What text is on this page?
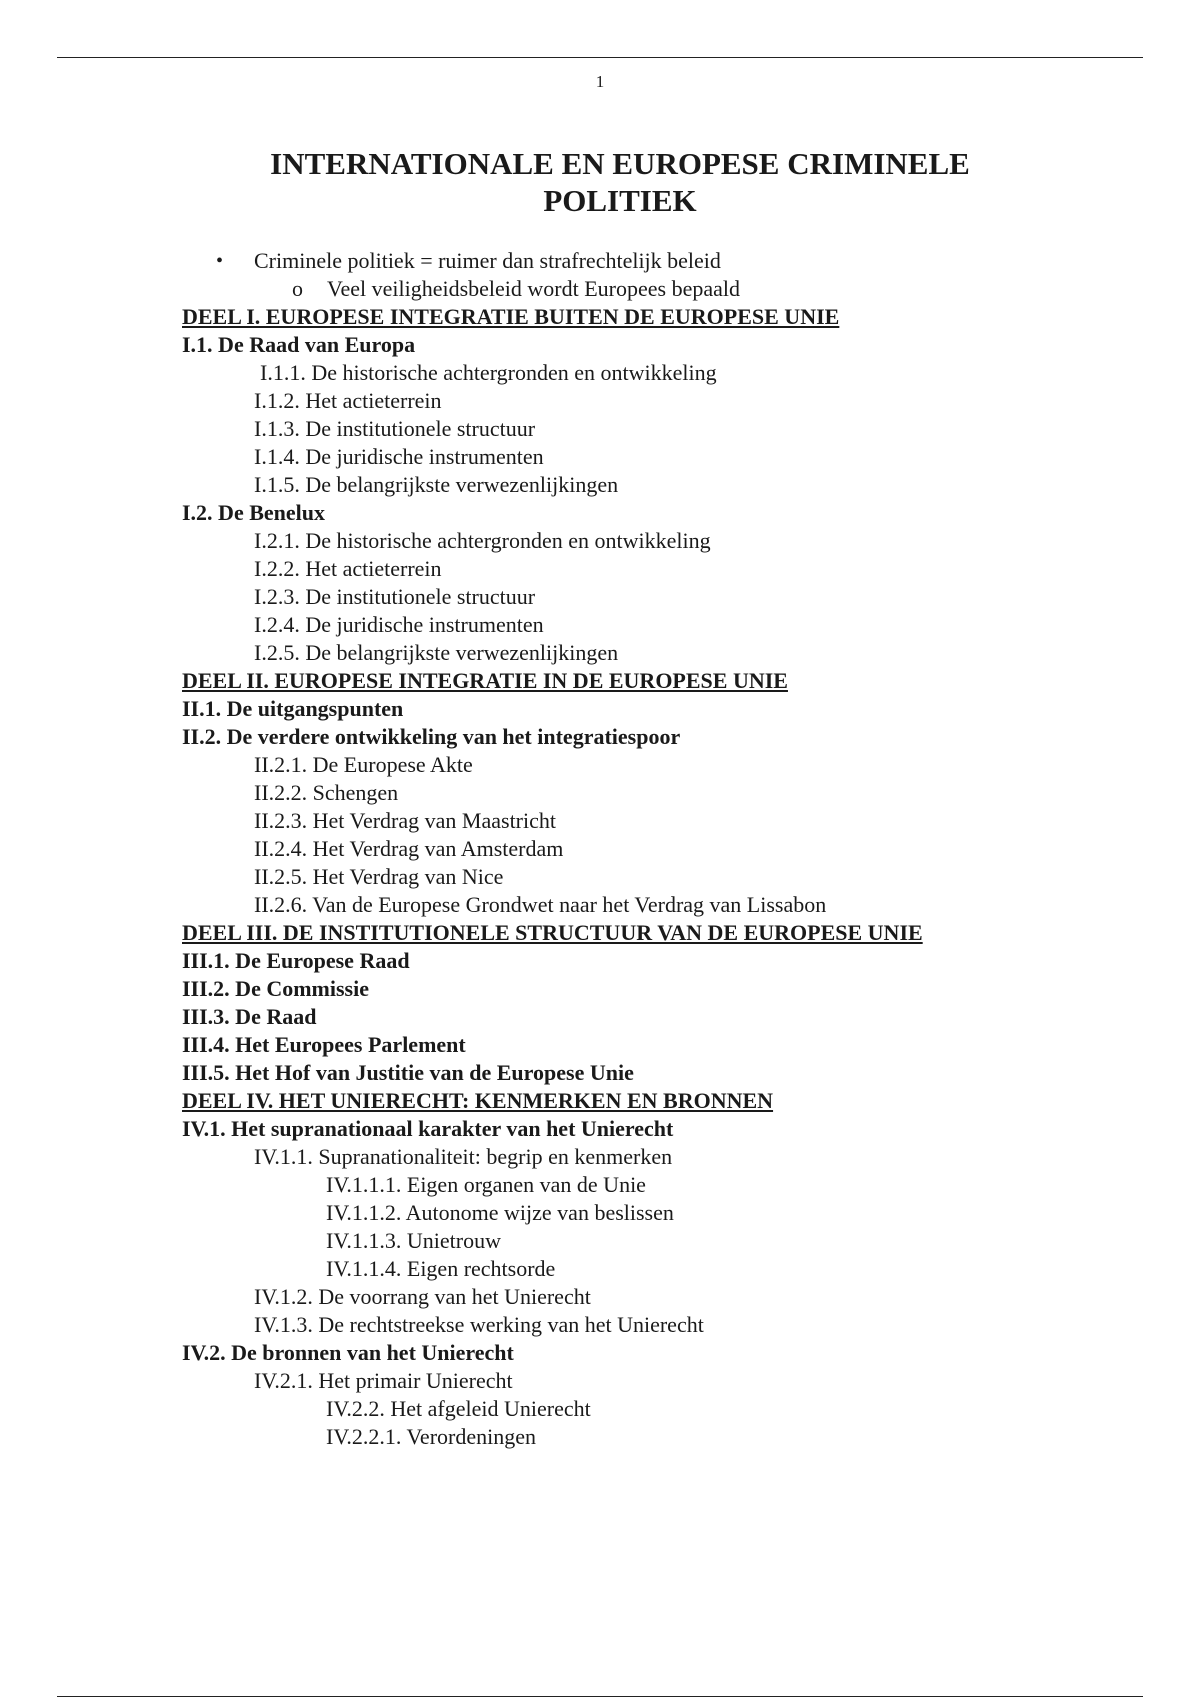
1
INTERNATIONALE EN EUROPESE CRIMINELE
POLITIEK
• Criminele politiek = ruimer dan strafrechtelijk beleid
o Veel veiligheidsbeleid wordt Europees bepaald
DEEL I. EUROPESE INTEGRATIE BUITEN DE EUROPESE UNIE
I.1. De Raad van Europa
I.1.1. De historische achtergronden en ontwikkeling
I.1.2. Het actieterrein
I.1.3. De institutionele structuur
I.1.4. De juridische instrumenten
I.1.5. De belangrijkste verwezenlijkingen
I.2. De Benelux
I.2.1. De historische achtergronden en ontwikkeling
I.2.2. Het actieterrein
I.2.3. De institutionele structuur
I.2.4. De juridische instrumenten
I.2.5. De belangrijkste verwezenlijkingen
DEEL II. EUROPESE INTEGRATIE IN DE EUROPESE UNIE
II.1. De uitgangspunten
II.2. De verdere ontwikkeling van het integratiespoor
II.2.1. De Europese Akte
II.2.2. Schengen
II.2.3. Het Verdrag van Maastricht
II.2.4. Het Verdrag van Amsterdam
II.2.5. Het Verdrag van Nice
II.2.6. Van de Europese Grondwet naar het Verdrag van Lissabon
DEEL III. DE INSTITUTIONELE STRUCTUUR VAN DE EUROPESE UNIE
III.1. De Europese Raad
III.2. De Commissie
III.3. De Raad
III.4. Het Europees Parlement
III.5. Het Hof van Justitie van de Europese Unie
DEEL IV. HET UNIERECHT: KENMERKEN EN BRONNEN
IV.1. Het supranationaal karakter van het Unierecht
IV.1.1. Supranationaliteit: begrip en kenmerken
IV.1.1.1. Eigen organen van de Unie
IV.1.1.2. Autonome wijze van beslissen
IV.1.1.3. Unietrouw
IV.1.1.4. Eigen rechtsorde
IV.1.2. De voorrang van het Unierecht
IV.1.3. De rechtstreekse werking van het Unierecht
IV.2. De bronnen van het Unierecht
IV.2.1. Het primair Unierecht
IV.2.2. Het afgeleid Unierecht
IV.2.2.1. Verordeningen
